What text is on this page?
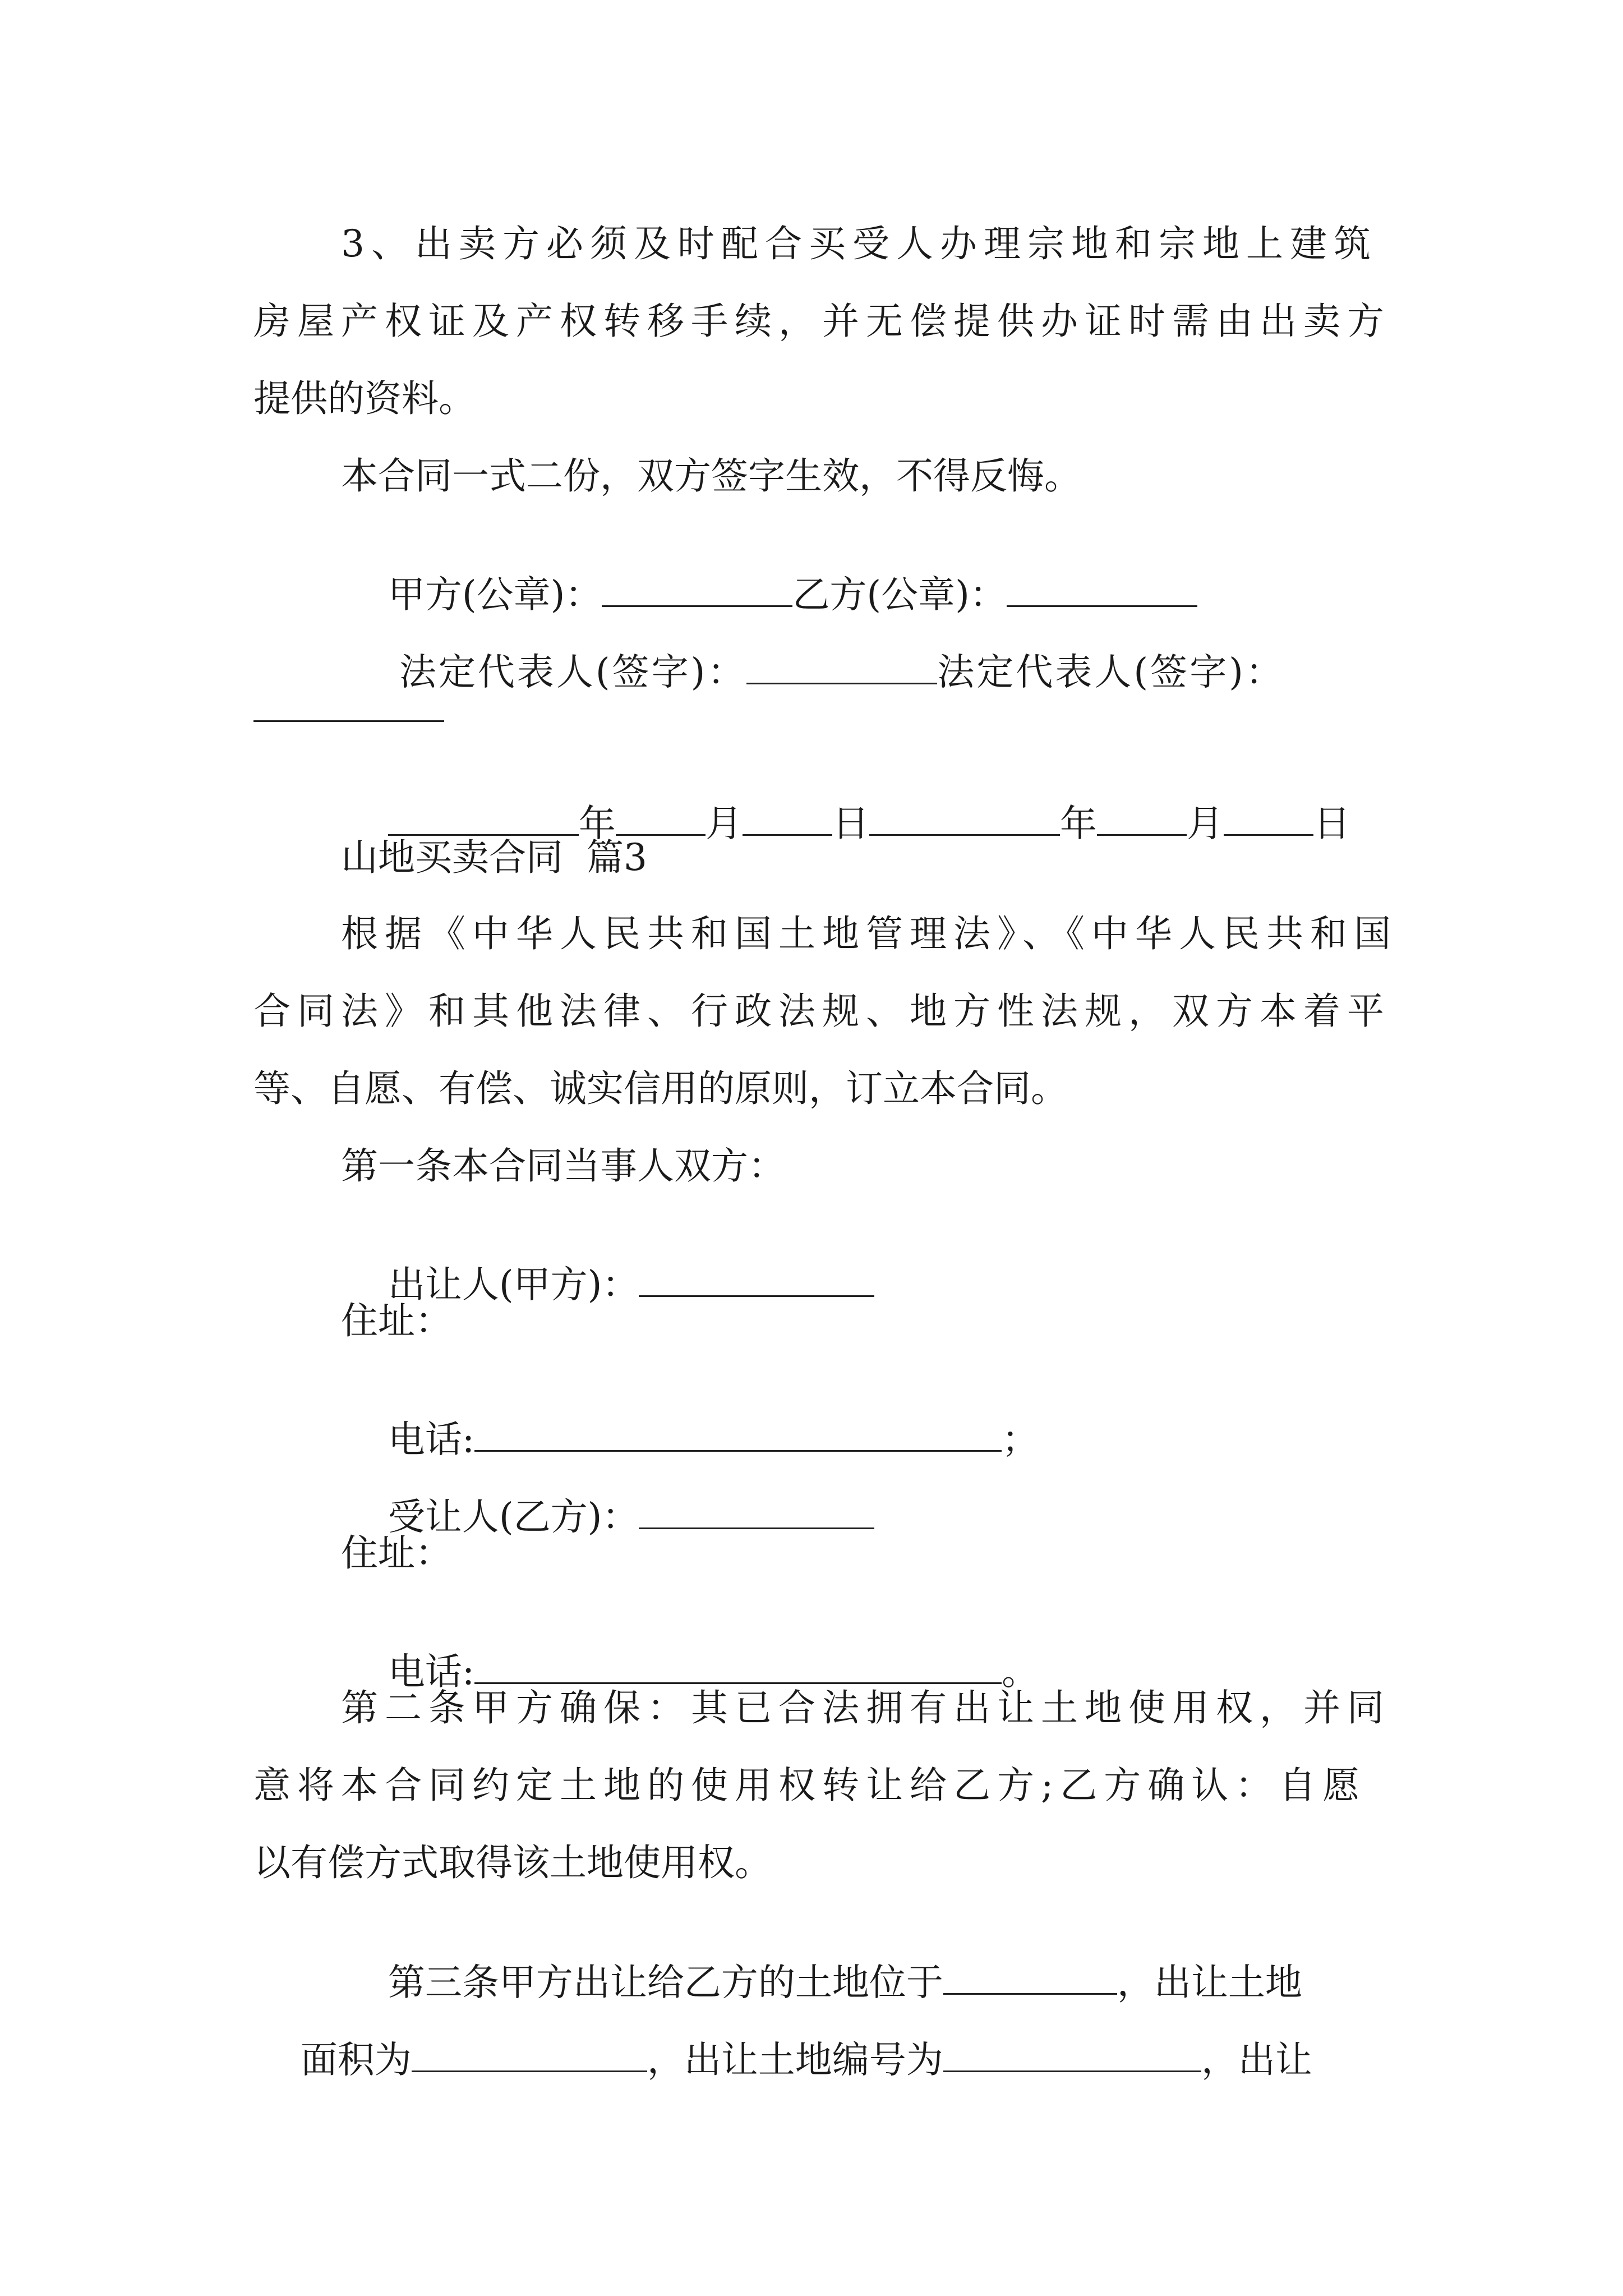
3、出卖方必须及时配合买受人办理宗地和宗地上建筑
房屋产权证及产权转移手续，并无偿提供办证时需由出卖方
提供的资料。
本合同一式二份，双方签字生效，不得反悔。

甲方(公章)：	乙方(公章)：

法定代表人(签字)：	法定代表人(签字)：

年 月 日	年 月 日

山地买卖合同  篇3
根据《中华人民共和国土地管理法》、《中华人民共和国
合同法》和其他法律、行政法规、地方性法规，双方本着平
等、自愿、有偿、诚实信用的原则，订立本合同。
第一条本合同当事人双方：

出让人(甲方)：

住址：

电话:	；

受让人(乙方)：

住址：

电话:	。

第二条甲方确保：其已合法拥有出让土地使用权，并同
意将本合同约定土地的使用权转让给乙方;乙方确认：自愿
以有偿方式取得该土地使用权。

第三条甲方出让给乙方的土地位于	，出让土地

面积为	，出让土地编号为	，出让
